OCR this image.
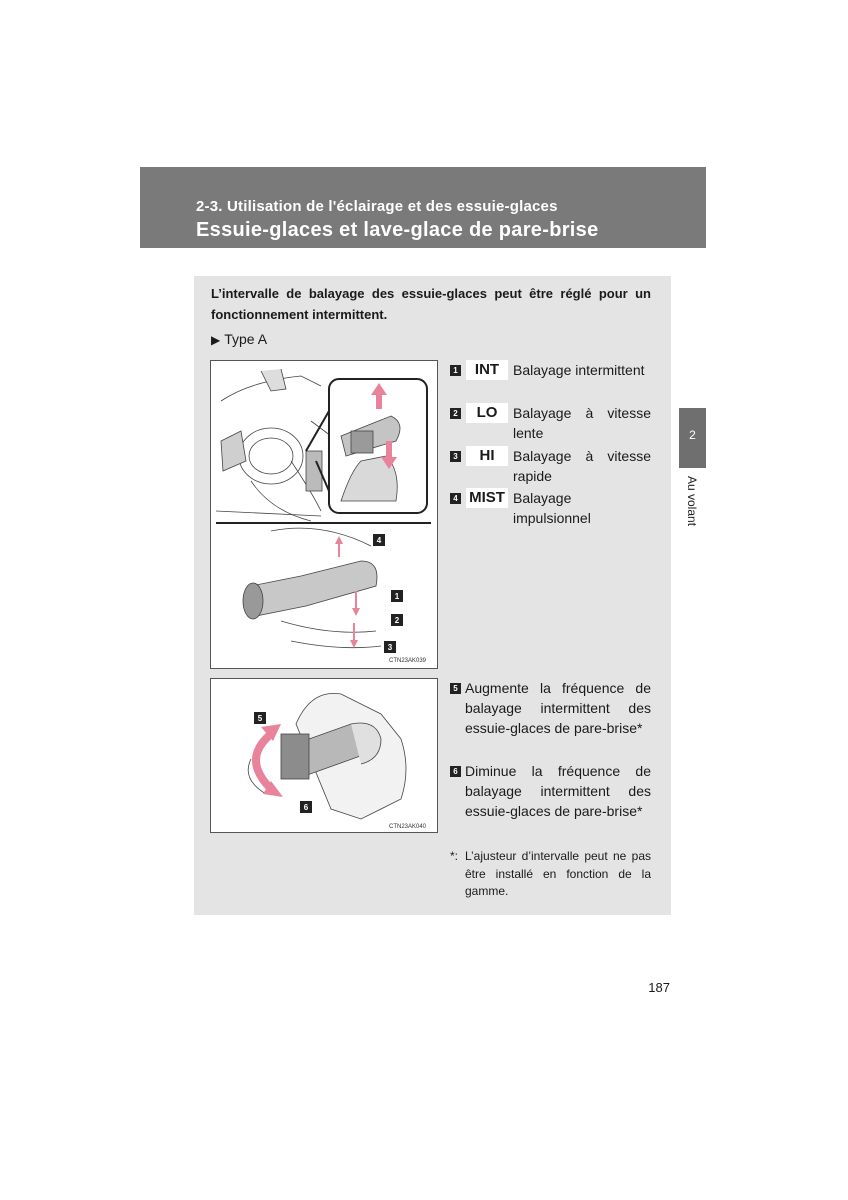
2-3. Utilisation de l'éclairage et des essuie-glaces
Essuie-glaces et lave-glace de pare-brise
2
Au volant
L’intervalle de balayage des essuie-glaces peut être réglé pour un fonctionnement intermittent.
▶ Type A
4
1
2
3
CTN23AK039
5
6
CTN23AK040
1	INT Balayage intermittent
2	LO	Balayage à vitesse lente
3	HI	Balayage à vitesse rapide
4 MIST Balayage impulsionnel
5 Augmente la fréquence de balayage intermittent des essuie-glaces de pare-brise*
6 Diminue la fréquence de balayage intermittent des essuie-glaces de pare-brise*
*: L’ajusteur d’intervalle peut ne pas être installé en fonction de la gamme.
187
